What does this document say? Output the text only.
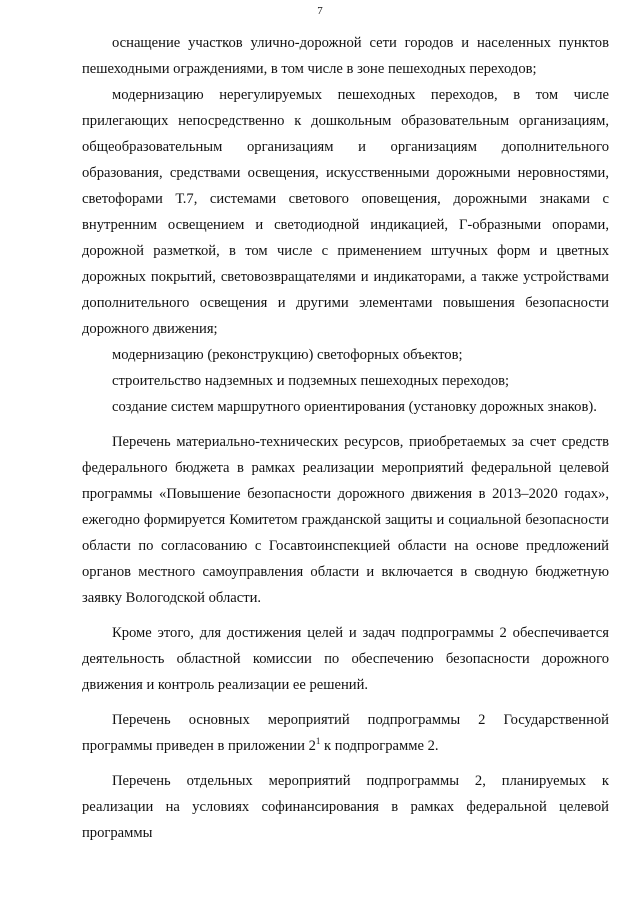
7

оснащение участков улично-дорожной сети городов и населенных пунктов пешеходными ограждениями, в том числе в зоне пешеходных переходов;

модернизацию нерегулируемых пешеходных переходов, в том числе прилегающих непосредственно к дошкольным образовательным организациям, общеобразовательным организациям и организациям дополнительного образования, средствами освещения, искусственными дорожными неровностями, светофорами Т.7, системами светового оповещения, дорожными знаками с внутренним освещением и светодиодной индикацией, Г-образными опорами, дорожной разметкой, в том числе с применением штучных форм и цветных дорожных покрытий, световозвращателями и индикаторами, а также устройствами дополнительного освещения и другими элементами повышения безопасности дорожного движения;

модернизацию (реконструкцию) светофорных объектов;

строительство надземных и подземных пешеходных переходов;

создание систем маршрутного ориентирования (установку дорожных знаков).

Перечень материально-технических ресурсов, приобретаемых за счет средств федерального бюджета в рамках реализации мероприятий федеральной целевой программы «Повышение безопасности дорожного движения в 2013–2020 годах», ежегодно формируется Комитетом гражданской защиты и социальной безопасности области по согласованию с Госавтоинспекцией области на основе предложений органов местного самоуправления области и включается в сводную бюджетную заявку Вологодской области.

Кроме этого, для достижения целей и задач подпрограммы 2 обеспечивается деятельность областной комиссии по обеспечению безопасности дорожного движения и контроль реализации ее решений.

Перечень основных мероприятий подпрограммы 2 Государственной программы приведен в приложении $2^1$ к подпрограмме 2.

Перечень отдельных мероприятий подпрограммы 2, планируемых к реализации на условиях софинансирования в рамках федеральной целевой программы
